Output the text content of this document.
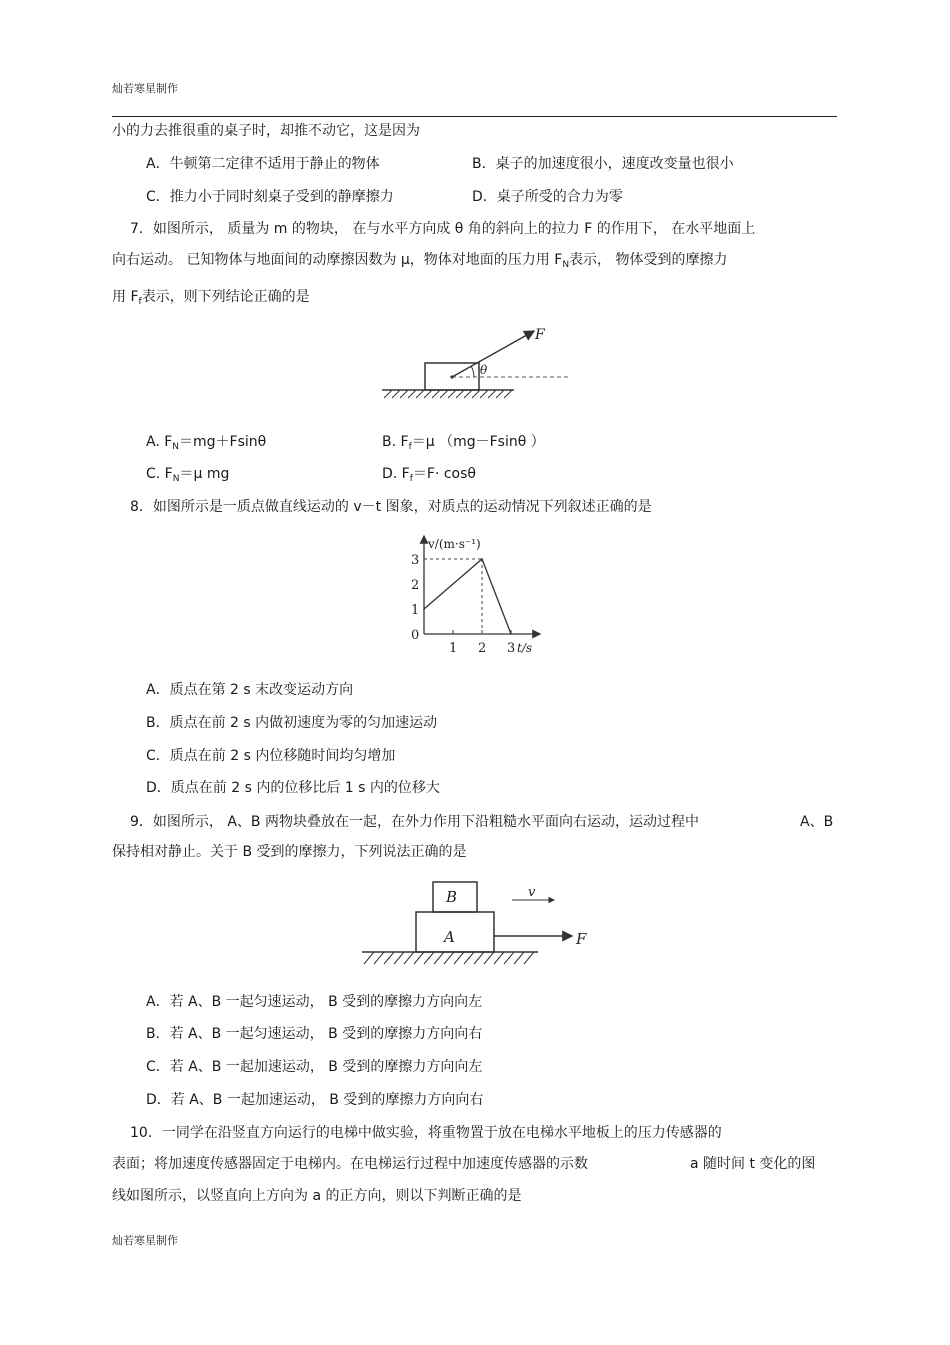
灿若寒星制作
小的力去推很重的桌子时，却推不动它，这是因为
A．牛顿第二定律不适用于静止的物体	B．桌子的加速度很小，速度改变量也很小
C．推力小于同时刻桌子受到的静摩擦力	D．桌子所受的合力为零
7．如图所示， 质量为 m 的物块， 在与水平方向成 θ 角的斜向上的拉力 F 的作用下， 在水平地面上
向右运动。 已知物体与地面间的动摩擦因数为 μ，物体对地面的压力用 $F_N$表示， 物体受到的摩擦力
用 $F_f$表示，则下列结论正确的是
F
θ
A. $F_N=mg+Fsin\theta$	B. $F_f=\mu$ （mg－Fsinθ ）
C. $F_N=\mu$ mg	D. $F_f=F\cdot \cos\theta$
8．如图所示是一质点做直线运动的 v－t 图象，对质点的运动情况下列叙述正确的是
v/(m·s⁻¹)
t/s
1 2 3
0
1
2
3
A．质点在第 2 s 末改变运动方向
B．质点在前 2 s 内做初速度为零的匀加速运动
C．质点在前 2 s 内位移随时间均匀增加
D．质点在前 2 s 内的位移比后 1 s 内的位移大
9．如图所示， A、B 两物块叠放在一起，在外力作用下沿粗糙水平面向右运动，运动过程中	A、B
保持相对静止。关于 B 受到的摩擦力，下列说法正确的是
B
A	F
v
A．若 A、B 一起匀速运动， B 受到的摩擦力方向向左
B．若 A、B 一起匀速运动， B 受到的摩擦力方向向右
C．若 A、B 一起加速运动， B 受到的摩擦力方向向左
D．若 A、B 一起加速运动， B 受到的摩擦力方向向右
10．一同学在沿竖直方向运行的电梯中做实验，将重物置于放在电梯水平地板上的压力传感器的
表面；将加速度传感器固定于电梯内。在电梯运行过程中加速度传感器的示数	a 随时间 t 变化的图
线如图所示，以竖直向上方向为 a 的正方向，则以下判断正确的是
灿若寒星制作
